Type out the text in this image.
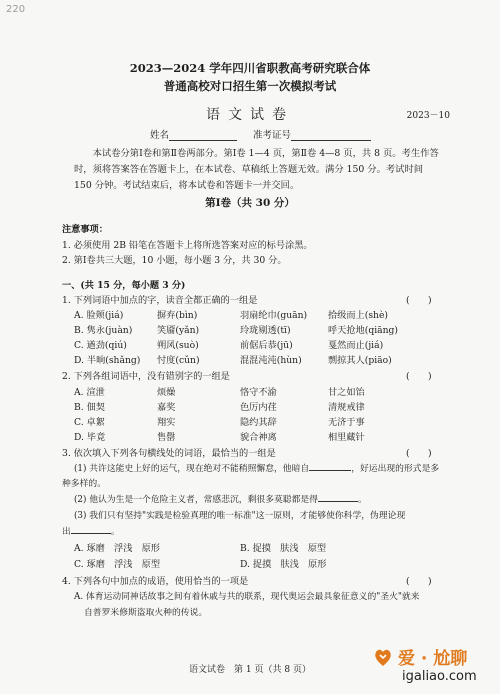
220
2023—2024 学年四川省职教高考研究联合体
普通高校对口招生第一次模拟考试
语文试卷	2023－10
姓名	准考证号
本试卷分第Ⅰ卷和第Ⅱ卷两部分。第Ⅰ卷 1—4 页，第Ⅱ卷 4—8 页，共 8 页。考生作答时，须将答案答在答题卡上，在本试卷、草稿纸上答题无效。满分 150 分。考试时间 150 分钟。考试结束后，将本试卷和答题卡一并交回。
第Ⅰ卷（共 30 分）
注意事项：
1. 必须使用 2B 铅笔在答题卡上将所选答案对应的标号涂黑。
2. 第Ⅰ卷共三大题，10 小题，每小题 3 分，共 30 分。
一、(共 15 分，每小题 3 分)
1. 下列词语中加点的字，读音全都正确的一组是	(　　)
A. 脸颊(jiá)	摒弃(bìn)	羽扇纶巾(guān) 拾级而上(shè)
B. 隽永(juàn)	笑靥(yǎn)	玲珑剔透(tī)	呼天抢地(qiāng)
C. 遒劲(qiú)	朔风(suò)	前倨后恭(jū)	戛然而止(jiá)
D. 半晌(shǎng) 忖度(cǔn)	混混沌沌(hùn)	剽掠其人(piāo)
2. 下列各组词语中，没有错别字的一组是	(　　)
A. 渲泄	烦燥	恪守不渝	甘之如饴
B. 佃契	嘉奖	色厉内荏	清规戒律
C. 卓絮	翔实	隐约其辞	无济于事
D. 毕竟	售罄	貌合神离	相里藏针
3. 依次填入下列各句横线处的词语，最恰当的一组是	(　　)
(1) 共许这能史上好的运气，现在绝对不能稍照懈怠，他暗自	，好运出现的形式是多
种多样的。
(2) 他认为生是一个危险主义者，常感悲沉，剩很多莫聪都是得	。
(3) 我们只有坚持"实践是检验真理的唯一标准"这一原则，才能够使你科学，伪理论现
出	。
A. 琢磨　浮浅　原形	B. 捉摸　肤浅　原型
C. 琢磨　浮浅　原型	D. 捉摸　肤浅　原形
4. 下列各句中加点的成语，使用恰当的一项是	(　　)
A. 体育运动同神话故事之间有着休戚与共的联系，现代奥运会最具象征意义的"圣火"就来
自普罗米修斯盗取火种的传说。
语文试卷　第 1 页（共 8 页）
爱 · 尬聊
igaliao.com
